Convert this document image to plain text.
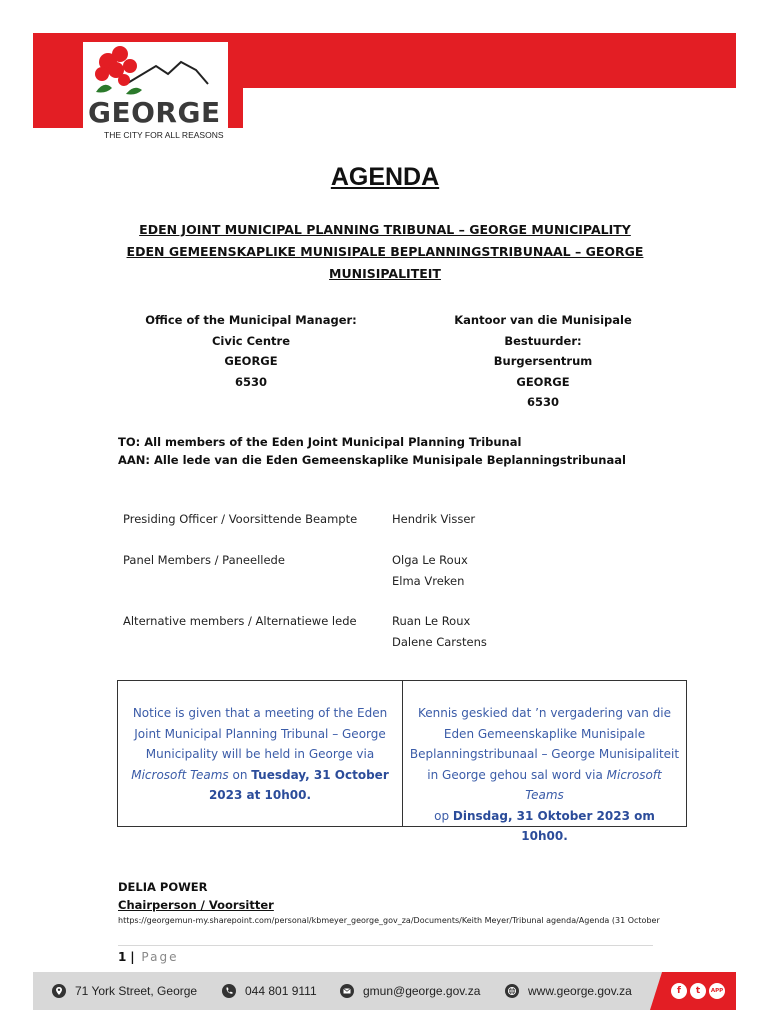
GEORGE
THE CITY FOR ALL REASONS
AGENDA
EDEN JOINT MUNICIPAL PLANNING TRIBUNAL – GEORGE MUNICIPALITY
EDEN GEMEENSKAPLIKE MUNISIPALE BEPLANNINGSTRIBUNAAL – GEORGE
MUNISIPALITEIT
Office of the Municipal Manager:
Civic Centre
GEORGE
6530
Kantoor van die Munisipale Bestuurder:
Burgersentrum
GEORGE
6530
TO: All members of the Eden Joint Municipal Planning Tribunal
AAN: Alle lede van die Eden Gemeenskaplike Munisipale Beplanningstribunaal
Presiding Officer / Voorsittende Beampte	Hendrik Visser
Panel Members / Paneellede	Olga Le Roux
Elma Vreken
Alternative members / Alternatiewe lede	Ruan Le Roux
Dalene Carstens
Notice is given that a meeting of the Eden Joint Municipal Planning Tribunal – George Municipality will be held in George via Microsoft Teams on Tuesday, 31 October 2023 at 10h00.
Kennis geskied dat ’n vergadering van die Eden Gemeenskaplike Munisipale Beplanningstribunaal – George Munisipaliteit in George gehou sal word via Microsoft Teams
op Dinsdag, 31 Oktober 2023 om 10h00.
DELIA POWER
Chairperson / Voorsitter
https://georgemun-my.sharepoint.com/personal/kbmeyer_george_gov_za/Documents/Keith Meyer/Tribunal agenda/Agenda (31 October
1 | Page
71 York Street, George	044 801 9111	gmun@george.gov.za	www.george.gov.za	f	t	APP
